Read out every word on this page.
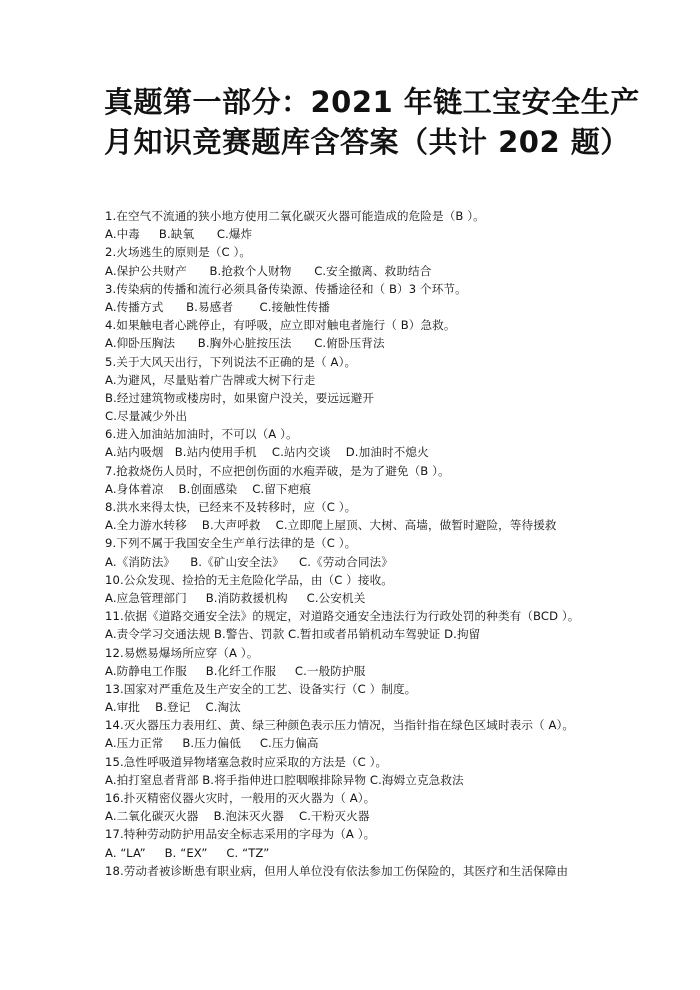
真题第一部分：2021 年链工宝安全生产
月知识竞赛题库含答案（共计 202 题）
1.在空气不流通的狭小地方使用二氧化碳灭火器可能造成的危险是（B ）。
A.中毒     B.缺氧      C.爆炸
2.火场逃生的原则是（C ）。
A.保护公共财产      B.抢救个人财物      C.安全撤离、救助结合
3.传染病的传播和流行必须具备传染源、传播途径和（ B）3 个环节。
A.传播方式      B.易感者       C.接触性传播
4.如果触电者心跳停止，有呼吸，应立即对触电者施行（ B）急救。
A.仰卧压胸法      B.胸外心脏按压法      C.俯卧压背法
5.关于大风天出行，下列说法不正确的是（ A）。
A.为避风，尽量贴着广告牌或大树下行走
B.经过建筑物或楼房时，如果窗户没关，要远远避开
C.尽量减少外出
6.进入加油站加油时，不可以（A ）。
A.站内吸烟   B.站内使用手机    C.站内交谈    D.加油时不熄火
7.抢救烧伤人员时，不应把创伤面的水疱弄破，是为了避免（B ）。
A.身体着凉    B.创面感染    C.留下疤痕
8.洪水来得太快，已经来不及转移时，应（C ）。
A.全力游水转移    B.大声呼救    C.立即爬上屋顶、大树、高墙，做暂时避险，等待援救
9.下列不属于我国安全生产单行法律的是（C ）。
A.《消防法》    B.《矿山安全法》    C.《劳动合同法》
10.公众发现、捡拾的无主危险化学品，由（C ）接收。
A.应急管理部门     B.消防救援机构     C.公安机关
11.依据《道路交通安全法》的规定，对道路交通安全违法行为行政处罚的种类有（BCD ）。
A.责令学习交通法规 B.警告、罚款 C.暂扣或者吊销机动车驾驶证 D.拘留
12.易燃易爆场所应穿（A ）。
A.防静电工作服     B.化纤工作服     C.一般防护服
13.国家对严重危及生产安全的工艺、设备实行（C ）制度。
A.审批    B.登记    C.淘汰
14.灭火器压力表用红、黄、绿三种颜色表示压力情况，当指针指在绿色区域时表示（ A）。
A.压力正常     B.压力偏低     C.压力偏高
15.急性呼吸道异物堵塞急救时应采取的方法是（C ）。
A.拍打窒息者背部 B.将手指伸进口腔咽喉排除异物 C.海姆立克急救法
16.扑灭精密仪器火灾时，一般用的灭火器为（ A）。
A.二氧化碳灭火器    B.泡沫灭火器    C.干粉灭火器
17.特种劳动防护用品安全标志采用的字母为（A ）。
A. “LA”     B. “EX”     C. “TZ”
18.劳动者被诊断患有职业病，但用人单位没有依法参加工伤保险的，其医疗和生活保障由
